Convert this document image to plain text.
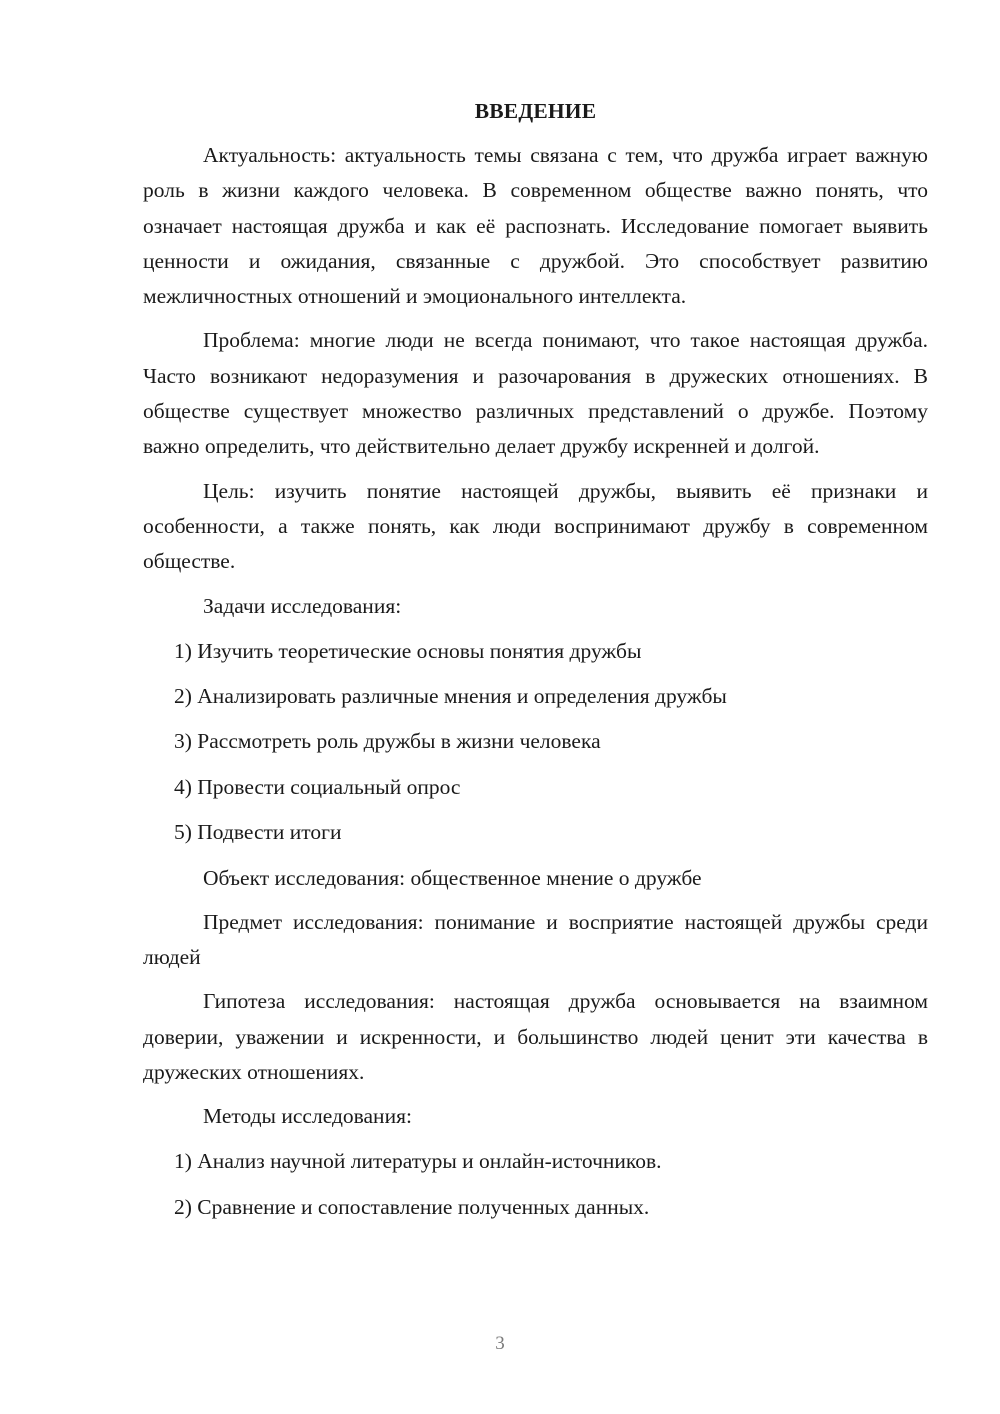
ВВЕДЕНИЕ
Актуальность: актуальность темы связана с тем, что дружба играет важную роль в жизни каждого человека. В современном обществе важно понять, что означает настоящая дружба и как её распознать. Исследование помогает выявить ценности и ожидания, связанные с дружбой. Это способствует развитию межличностных отношений и эмоционального интеллекта.
Проблема: многие люди не всегда понимают, что такое настоящая дружба. Часто возникают недоразумения и разочарования в дружеских отношениях. В обществе существует множество различных представлений о дружбе. Поэтому важно определить, что действительно делает дружбу искренней и долгой.
Цель: изучить понятие настоящей дружбы, выявить её признаки и особенности, а также понять, как люди воспринимают дружбу в современном обществе.
Задачи исследования:
1) Изучить теоретические основы понятия дружбы
2) Анализировать различные мнения и определения дружбы
3) Рассмотреть роль дружбы в жизни человека
4) Провести социальный опрос
5) Подвести итоги
Объект исследования: общественное мнение о дружбе
Предмет исследования: понимание и восприятие настоящей дружбы среди людей
Гипотеза исследования: настоящая дружба основывается на взаимном доверии, уважении и искренности, и большинство людей ценит эти качества в дружеских отношениях.
Методы исследования:
1) Анализ научной литературы и онлайн-источников.
2) Сравнение и сопоставление полученных данных.
3
